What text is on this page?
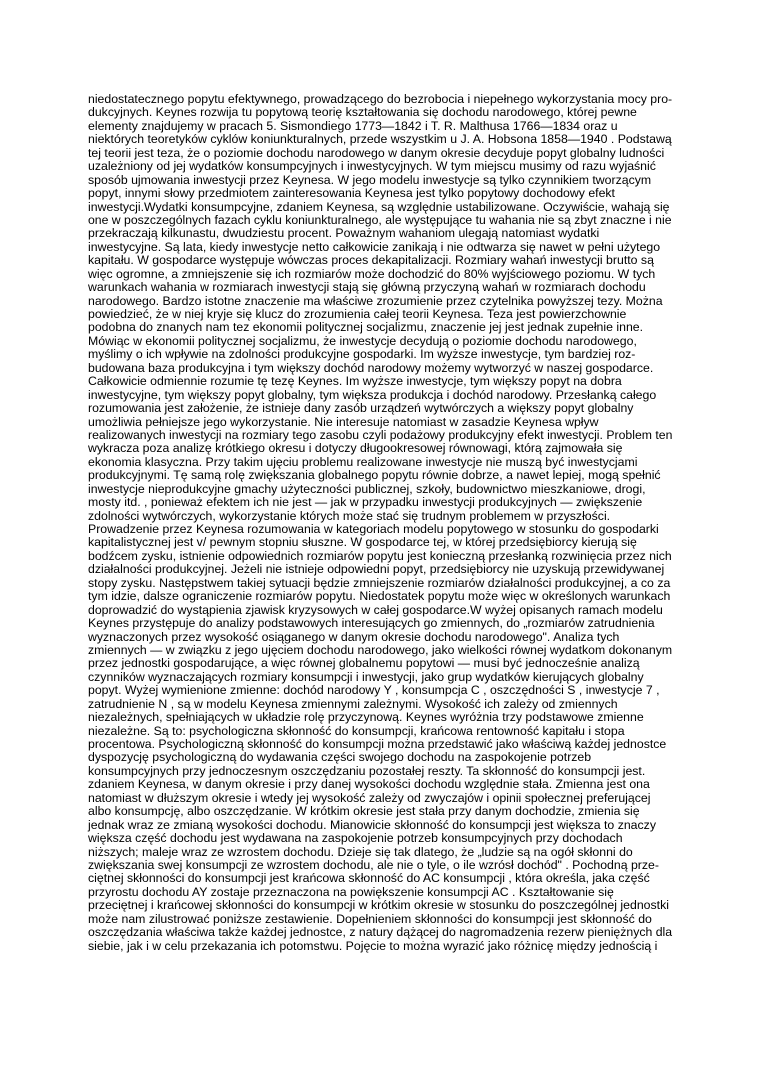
niedostatecznego popytu efektywnego, prowadzącego do bezrobocia i niepełnego wykorzystania mocy pro-
dukcyjnych. Keynes rozwija tu popytową teorię kształtowania się dochodu narodowego, której pewne
elementy znajdujemy w pracach 5. Sismondiego 1773—1842 i T. R. Malthusa 1766—1834 oraz u
niektórych teoretyków cyklów koniunkturalnych, przede wszystkim u J. A. Hobsona 1858—1940 . Podstawą
tej teorii jest teza, że o poziomie dochodu narodowego w danym okresie decyduje popyt globalny ludności
uzależniony od jej wydatków konsumpcyjnych i inwestycyjnych. W tym miejscu musimy od razu wyjaśnić
sposób ujmowania inwestycji przez Keynesa. W jego modelu inwestycje są tylko czynnikiem tworzącym
popyt, innymi słowy przedmiotem zainteresowania Keynesa jest tylko popytowy dochodowy efekt
inwestycji.Wydatki konsumpcyjne, zdaniem Keynesa, są względnie ustabilizowane. Oczywiście, wahają się
one w poszczególnych fazach cyklu koniunkturalnego, ale występujące tu wahania nie są zbyt znaczne i nie
przekraczają kilkunastu, dwudziestu procent. Poważnym wahaniom ulegają natomiast wydatki
inwestycyjne. Są lata, kiedy inwestycje netto całkowicie zanikają i nie odtwarza się nawet w pełni użytego
kapitału. W gospodarce występuje wówczas proces dekapitalizacji. Rozmiary wahań inwestycji brutto są
więc ogromne, a zmniejszenie się ich rozmiarów może dochodzić do 80% wyjściowego poziomu. W tych
warunkach wahania w rozmiarach inwestycji stają się główną przyczyną wahań w rozmiarach dochodu
narodowego. Bardzo istotne znaczenie ma właściwe zrozumienie przez czytelnika powyższej tezy. Można
powiedzieć, że w niej kryje się klucz do zrozumienia całej teorii Keynesa. Teza jest powierzchownie
podobna do znanych nam tez ekonomii politycznej socjalizmu, znaczenie jej jest jednak zupełnie inne.
Mówiąc w ekonomii politycznej socjalizmu, że inwestycje decydują o poziomie dochodu narodowego,
myślimy o ich wpływie na zdolności produkcyjne gospodarki. Im wyższe inwestycje, tym bardziej roz-
budowana baza produkcyjna i tym większy dochód narodowy możemy wytworzyć w naszej gospodarce.
Całkowicie odmiennie rozumie tę tezę Keynes. Im wyższe inwestycje, tym większy popyt na dobra
inwestycyjne, tym większy popyt globalny, tym większa produkcja i dochód narodowy. Przesłanką całego
rozumowania jest założenie, że istnieje dany zasób urządzeń wytwórczych a większy popyt globalny
umożliwia pełniejsze jego wykorzystanie. Nie interesuje natomiast w zasadzie Keynesa wpływ
realizowanych inwestycji na rozmiary tego zasobu czyli podażowy produkcyjny efekt inwestycji. Problem ten
wykracza poza analizę krótkiego okresu i dotyczy długookresowej równowagi, którą zajmowała się
ekonomia klasyczna. Przy takim ujęciu problemu realizowane inwestycje nie muszą być inwestycjami
produkcyjnymi. Tę samą rolę zwiększania globalnego popytu równie dobrze, a nawet lepiej, mogą spełnić
inwestycje nieprodukcyjne gmachy użyteczności publicznej, szkoły, budownictwo mieszkaniowe, drogi,
mosty itd. , ponieważ efektem ich nie jest — jak w przypadku inwestycji produkcyjnych — zwiększenie
zdolności wytwórczych, wykorzystanie których może stać się trudnym problemem w przyszłości.
Prowadzenie przez Keynesa rozumowania w kategoriach modelu popytowego w stosunku do gospodarki
kapitalistycznej jest v/ pewnym stopniu słuszne. W gospodarce tej, w której przedsiębiorcy kierują się
bodźcem zysku, istnienie odpowiednich rozmiarów popytu jest konieczną przesłanką rozwinięcia przez nich
działalności produkcyjnej. Jeżeli nie istnieje odpowiedni popyt, przedsiębiorcy nie uzyskują przewidywanej
stopy zysku. Następstwem takiej sytuacji będzie zmniejszenie rozmiarów działalności produkcyjnej, a co za
tym idzie, dalsze ograniczenie rozmiarów popytu. Niedostatek popytu może więc w określonych warunkach
doprowadzić do wystąpienia zjawisk kryzysowych w całej gospodarce.W wyżej opisanych ramach modelu
Keynes przystępuje do analizy podstawowych interesujących go zmiennych, do „rozmiarów zatrudnienia
wyznaczonych przez wysokość osiąganego w danym okresie dochodu narodowego". Analiza tych
zmiennych — w związku z jego ujęciem dochodu narodowego, jako wielkości równej wydatkom dokonanym
przez jednostki gospodarujące, a więc równej globalnemu popytowi — musi być jednocześnie analizą
czynników wyznaczających rozmiary konsumpcji i inwestycji, jako grup wydatków kierujących globalny
popyt. Wyżej wymienione zmienne: dochód narodowy Y , konsumpcja C , oszczędności S , inwestycje 7 ,
zatrudnienie N , są w modelu Keynesa zmiennymi zależnymi. Wysokość ich zależy od zmiennych
niezależnych, spełniających w układzie rolę przyczynową. Keynes wyróżnia trzy podstawowe zmienne
niezależne. Są to: psychologiczna skłonność do konsumpcji, krańcowa rentowność kapitału i stopa
procentowa. Psychologiczną skłonność do konsumpcji można przedstawić jako właściwą każdej jednostce
dyspozycję psychologiczną do wydawania części swojego dochodu na zaspokojenie potrzeb
konsumpcyjnych przy jednoczesnym oszczędzaniu pozostałej reszty. Ta skłonność do konsumpcji jest.
zdaniem Keynesa, w danym okresie i przy danej wysokości dochodu względnie stała. Zmienna jest ona
natomiast w dłuższym okresie i wtedy jej wysokość zależy od zwyczajów i opinii społecznej preferującej
albo konsumpcję, albo oszczędzanie. W krótkim okresie jest stała przy danym dochodzie, zmienia się
jednak wraz ze zmianą wysokości dochodu. Mianowicie skłonność do konsumpcji jest większa to znaczy
większa część dochodu jest wydawana na zaspokojenie potrzeb konsumpcyjnych przy dochodach
niższych; maleje wraz ze wzrostem dochodu. Dzieje się tak dlatego, że „ludzie są na ogół skłonni do
zwiększania swej konsumpcji ze wzrostem dochodu, ale nie o tyle, o ile wzrósł dochód" . Pochodną prze-
ciętnej skłonności do konsumpcji jest krańcowa skłonność do AC konsumpcji , która określa, jaka część
przyrostu dochodu AY zostaje przeznaczona na powiększenie konsumpcji AC . Kształtowanie się
przeciętnej i krańcowej skłonności do konsumpcji w krótkim okresie w stosunku do poszczególnej jednostki
może nam zilustrować poniższe zestawienie. Dopełnieniem skłonności do konsumpcji jest skłonność do
oszczędzania właściwa także każdej jednostce, z natury dążącej do nagromadzenia rezerw pieniężnych dla
siebie, jak i w celu przekazania ich potomstwu. Pojęcie to można wyrazić jako różnicę między jednością i
